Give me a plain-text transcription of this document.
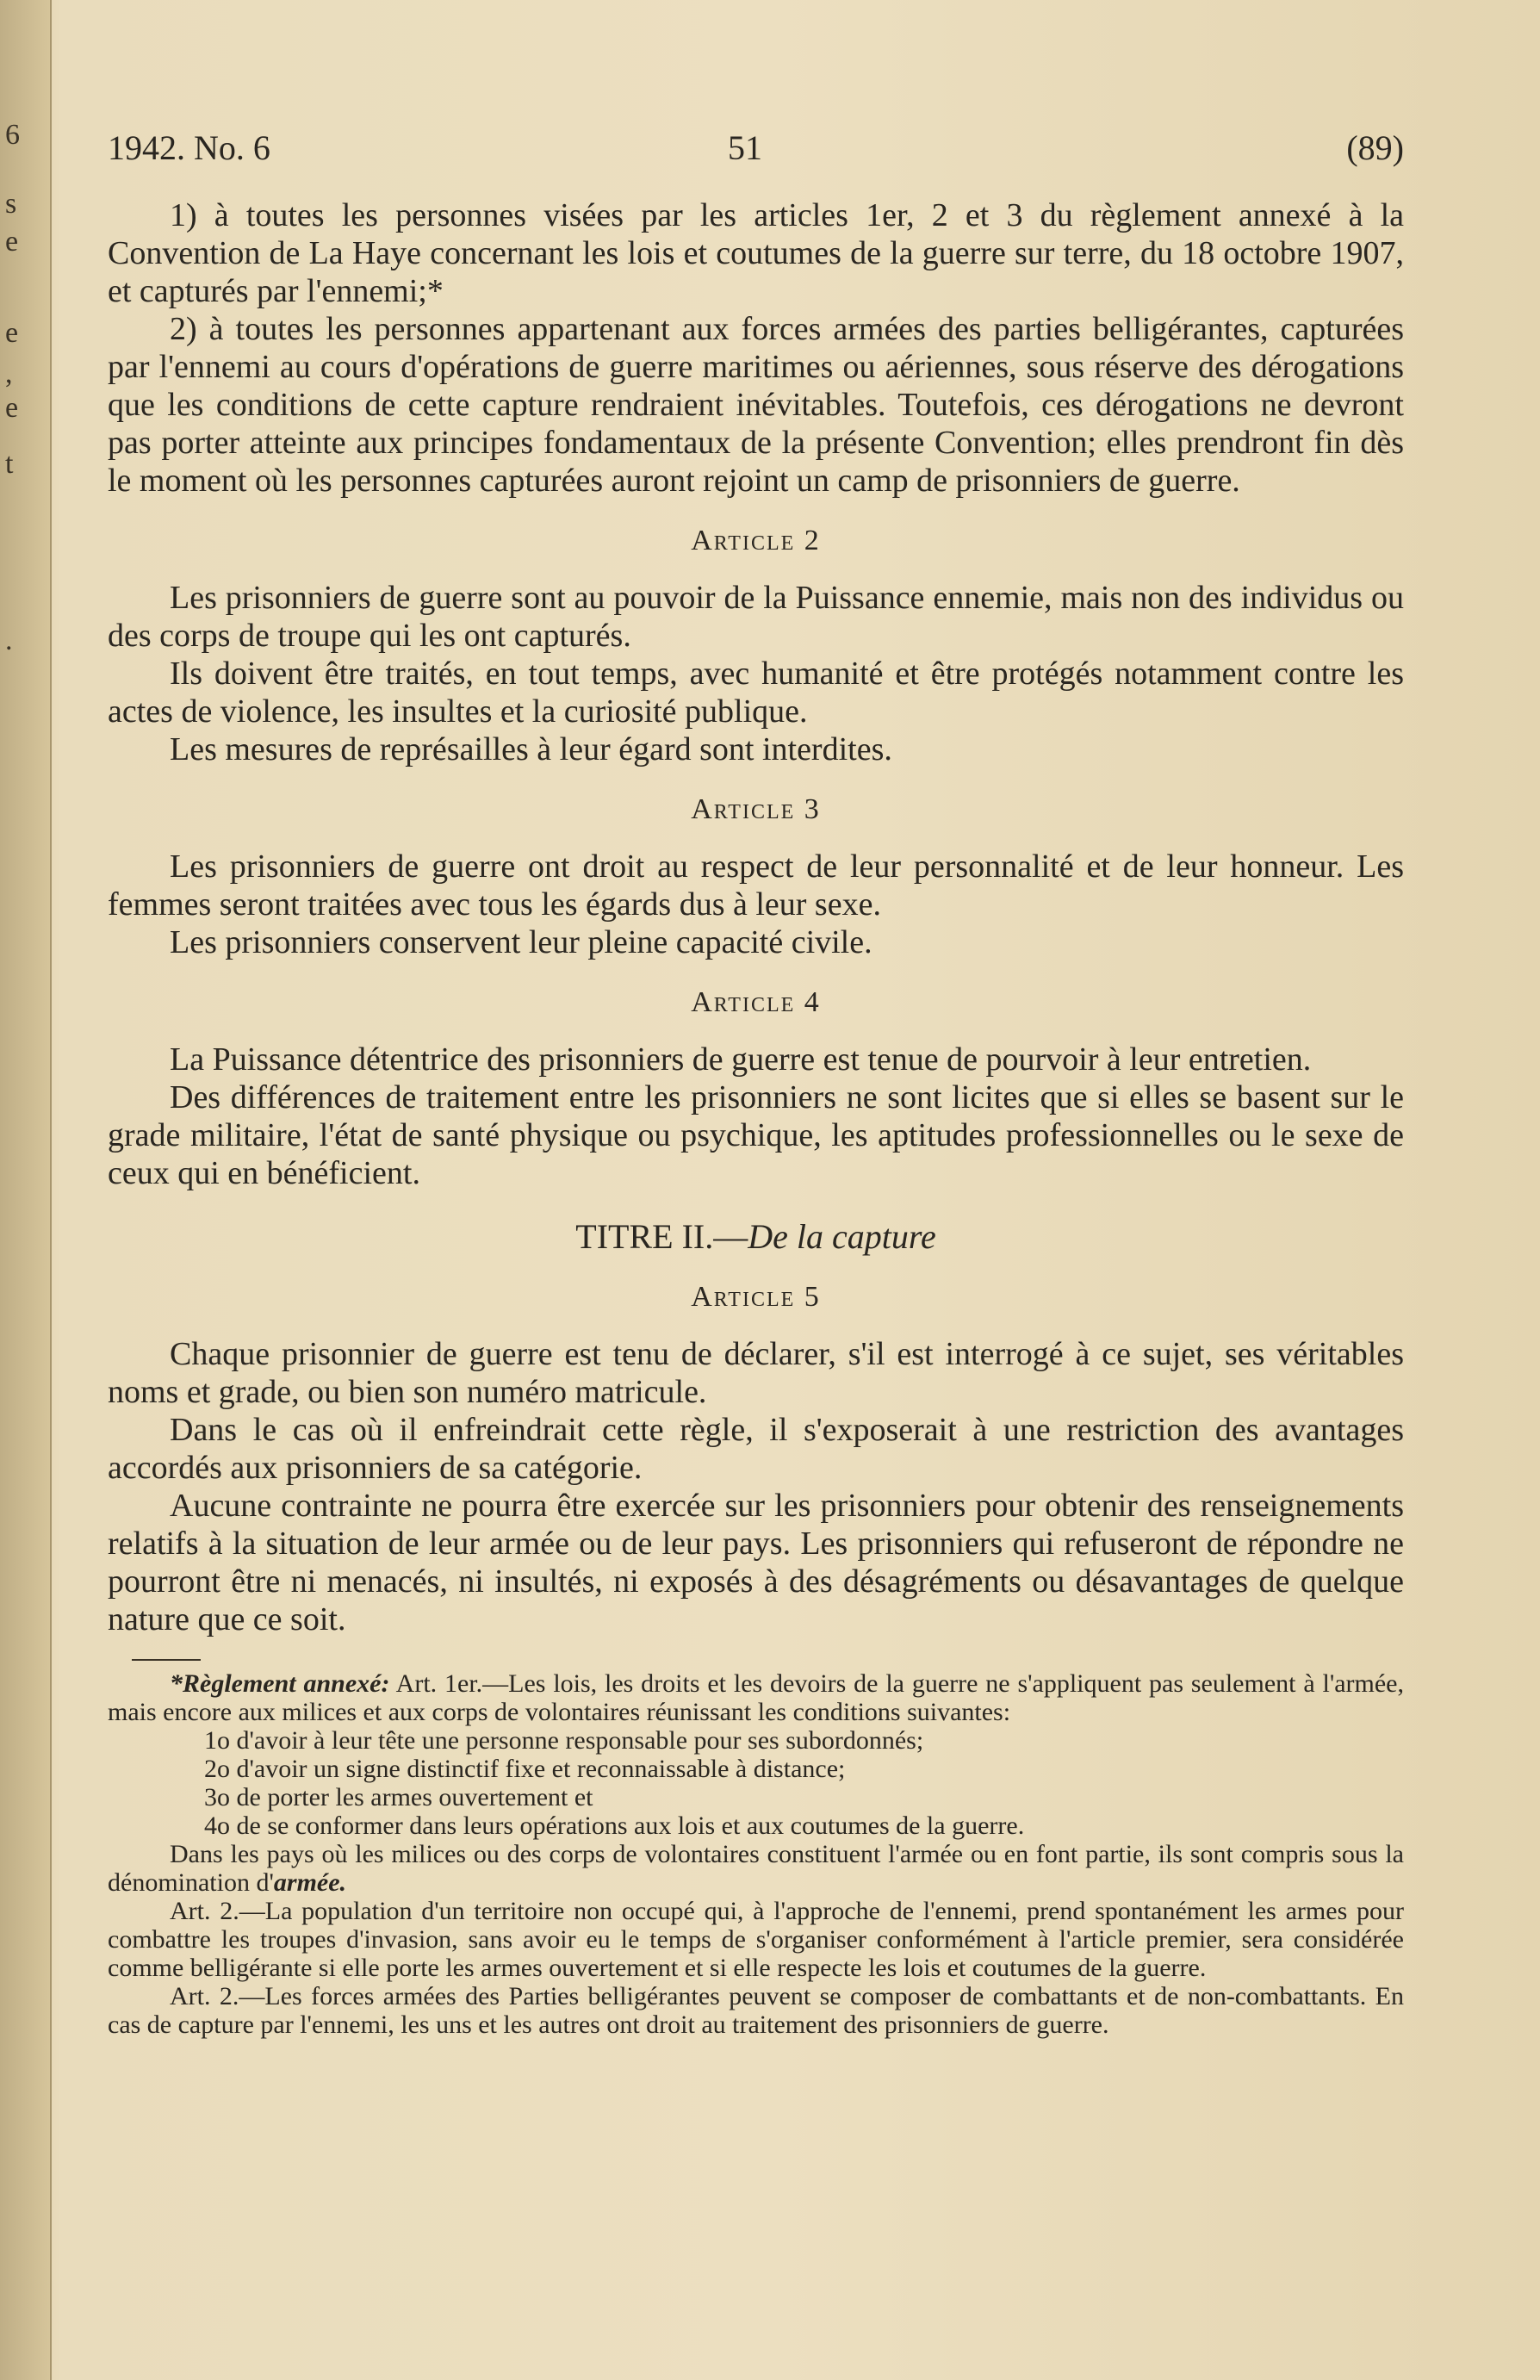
6
s
e
e
,
e
t
.
1942. No. 6	51	(89)

1) à toutes les personnes visées par les articles 1er, 2 et 3 du règlement annexé à la Convention de La Haye concernant les lois et coutumes de la guerre sur terre, du 18 octobre 1907, et capturés par l'ennemi;*

2) à toutes les personnes appartenant aux forces armées des parties belligérantes, capturées par l'ennemi au cours d'opérations de guerre maritimes ou aériennes, sous réserve des dérogations que les conditions de cette capture rendraient inévitables. Toutefois, ces dérogations ne devront pas porter atteinte aux principes fondamentaux de la présente Convention; elles prendront fin dès le moment où les personnes capturées auront rejoint un camp de prisonniers de guerre.

Article 2

Les prisonniers de guerre sont au pouvoir de la Puissance ennemie, mais non des individus ou des corps de troupe qui les ont capturés.

Ils doivent être traités, en tout temps, avec humanité et être protégés notamment contre les actes de violence, les insultes et la curiosité publique.

Les mesures de représailles à leur égard sont interdites.

Article 3

Les prisonniers de guerre ont droit au respect de leur personnalité et de leur honneur. Les femmes seront traitées avec tous les égards dus à leur sexe.

Les prisonniers conservent leur pleine capacité civile.

Article 4

La Puissance détentrice des prisonniers de guerre est tenue de pourvoir à leur entretien.

Des différences de traitement entre les prisonniers ne sont licites que si elles se basent sur le grade militaire, l'état de santé physique ou psychique, les aptitudes professionnelles ou le sexe de ceux qui en bénéficient.

TITRE II.—De la capture
Article 5

Chaque prisonnier de guerre est tenu de déclarer, s'il est interrogé à ce sujet, ses véritables noms et grade, ou bien son numéro matricule.

Dans le cas où il enfreindrait cette règle, il s'exposerait à une restriction des avantages accordés aux prisonniers de sa catégorie.

Aucune contrainte ne pourra être exercée sur les prisonniers pour obtenir des renseignements relatifs à la situation de leur armée ou de leur pays. Les prisonniers qui refuseront de répondre ne pourront être ni menacés, ni insultés, ni exposés à des désagréments ou désavantages de quelque nature que ce soit.

*Règlement annexé: Art. 1er.—Les lois, les droits et les devoirs de la guerre ne s'appliquent pas seulement à l'armée, mais encore aux milices et aux corps de volontaires réunissant les conditions suivantes:

1o d'avoir à leur tête une personne responsable pour ses subordonnés;

2o d'avoir un signe distinctif fixe et reconnaissable à distance;

3o de porter les armes ouvertement et

4o de se conformer dans leurs opérations aux lois et aux coutumes de la guerre.

Dans les pays où les milices ou des corps de volontaires constituent l'armée ou en font partie, ils sont compris sous la dénomination d'armée.

Art. 2.—La population d'un territoire non occupé qui, à l'approche de l'ennemi, prend spontanément les armes pour combattre les troupes d'invasion, sans avoir eu le temps de s'organiser conformément à l'article premier, sera considérée comme belligérante si elle porte les armes ouvertement et si elle respecte les lois et coutumes de la guerre.

Art. 2.—Les forces armées des Parties belligérantes peuvent se composer de combattants et de non-combattants. En cas de capture par l'ennemi, les uns et les autres ont droit au traitement des prisonniers de guerre.
